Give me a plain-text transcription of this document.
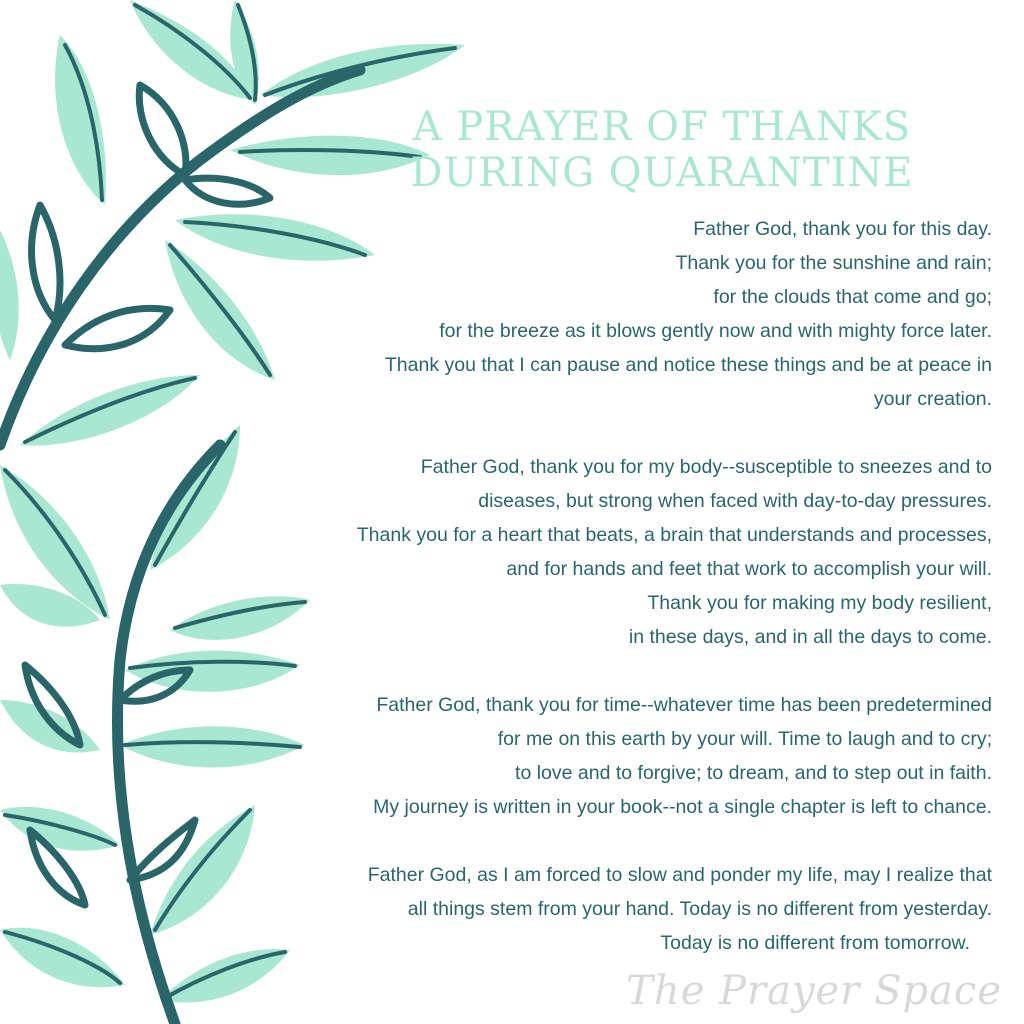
A PRAYER OF THANKS
DURING QUARANTINE
Father God, thank you for this day.
Thank you for the sunshine and rain;
for the clouds that come and go;
for the breeze as it blows gently now and with mighty force later.
Thank you that I can pause and notice these things and be at peace in
your creation.
Father God, thank you for my body--susceptible to sneezes and to
diseases, but strong when faced with day-to-day pressures.
Thank you for a heart that beats, a brain that understands and processes,
and for hands and feet that work to accomplish your will.
Thank you for making my body resilient,
in these days, and in all the days to come.
Father God, thank you for time--whatever time has been predetermined
for me on this earth by your will. Time to laugh and to cry;
to love and to forgive; to dream, and to step out in faith.
My journey is written in your book--not a single chapter is left to chance.
Father God, as I am forced to slow and ponder my life, may I realize that
all things stem from your hand. Today is no different from yesterday.
Today is no different from tomorrow.
The Prayer Space
